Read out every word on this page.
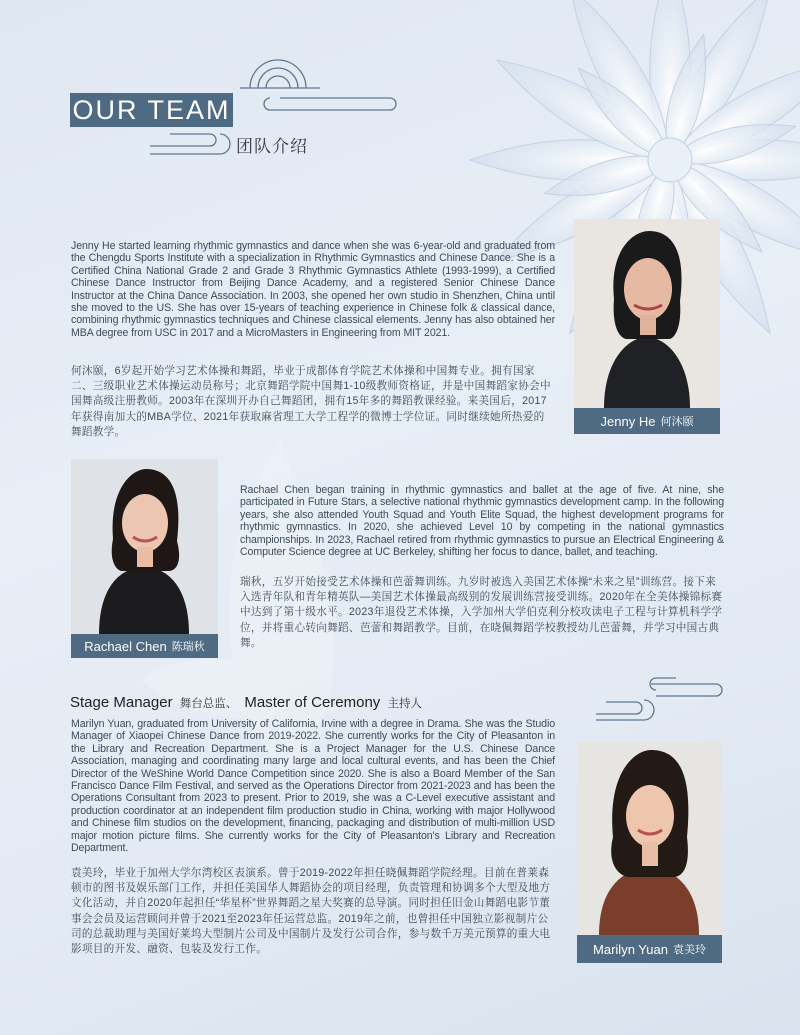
OUR TEAM
团队介绍
Jenny He started learning rhythmic gymnastics and dance when she was 6-year-old and graduated from the Chengdu Sports Institute with a specialization in Rhythmic Gymnastics and Chinese Dance. She is a Certified China National Grade 2 and Grade 3 Rhythmic Gymnastics Athlete (1993-1999), a Certified Chinese Dance Instructor from Beijing Dance Academy, and a registered Senior Chinese Dance Instructor at the China Dance Association. In 2003, she opened her own studio in Shenzhen, China until she moved to the US. She has over 15-years of teaching experience in Chinese folk & classical dance, combining rhythmic gymnastics techniques and Chinese classical elements. Jenny has also obtained her MBA degree from USC in 2017 and a MicroMasters in Engineering from MIT 2021.
何沐颐，6岁起开始学习艺术体操和舞蹈，毕业于成都体育学院艺术体操和中国舞专业。拥有国家二、三级职业艺术体操运动员称号；北京舞蹈学院中国舞1-10级教师资格证，并是中国舞蹈家协会中国舞高级注册教师。2003年在深圳开办自己舞蹈团，拥有15年多的舞蹈教课经验。来美国后，2017年获得南加大的MBA学位、2021年获取麻省理工大学工程学的微博士学位证。同时继续她所热爱的舞蹈教学。
Jenny He 何沐颐
Rachael Chen 陈瑞秋
Rachael Chen began training in rhythmic gymnastics and ballet at the age of five. At nine, she participated in Future Stars, a selective national rhythmic gymnastics development camp. In the following years, she also attended Youth Squad and Youth Elite Squad, the highest development programs for rhythmic gymnastics. In 2020, she achieved Level 10 by competing in the national gymnastics championships. In 2023, Rachael retired from rhythmic gymnastics to pursue an Electrical Engineering & Computer Science degree at UC Berkeley, shifting her focus to dance, ballet, and teaching.
瑞秋，五岁开始接受艺术体操和芭蕾舞训练。九岁时被选入美国艺术体操“未来之星”训练营。接下来入选青年队和青年精英队—美国艺术体操最高级别的发展训练营接受训练。2020年在全美体操锦标赛中达到了第十级水平。2023年退役艺术体操，入学加州大学伯克利分校攻读电子工程与计算机科学学位，并将重心转向舞蹈、芭蕾和舞蹈教学。目前，在晓佩舞蹈学校教授幼儿芭蕾舞，并学习中国古典舞。
Stage Manager 舞台总监、 Master of Ceremony 主持人
Marilyn Yuan, graduated from University of California, Irvine with a degree in Drama. She was the Studio Manager of Xiaopei Chinese Dance from 2019-2022. She currently works for the City of Pleasanton in the Library and Recreation Department. She is a Project Manager for the U.S. Chinese Dance Association, managing and coordinating many large and local cultural events, and has been the Chief Director of the WeShine World Dance Competition since 2020. She is also a Board Member of the San Francisco Dance Film Festival, and served as the Operations Director from 2021-2023 and has been the Operations Consultant from 2023 to present. Prior to 2019, she was a C-Level executive assistant and production coordinator at an independent film production studio in China, working with major Hollywood and Chinese film studios on the development, financing, packaging and distribution of multi-million USD major motion picture films. She currently works for the City of Pleasanton's Library and Recreation Department.
袁美玲，毕业于加州大学尔湾校区表演系。曾于2019-2022年担任晓佩舞蹈学院经理。目前在普莱森顿市的图书及娱乐部门工作，并担任美国华人舞蹈协会的项目经理，负责管理和协调多个大型及地方文化活动，并自2020年起担任“华星杯”世界舞蹈之星大奖赛的总导演。同时担任旧金山舞蹈电影节董事会会员及运营顾问并曾于2021至2023年任运营总监。2019年之前，也曾担任中国独立影视制片公司的总裁助理与美国好莱坞大型制片公司及中国制片及发行公司合作，参与数千万美元预算的重大电影项目的开发、融资、包装及发行工作。	Marilyn Yuan 袁美玲
